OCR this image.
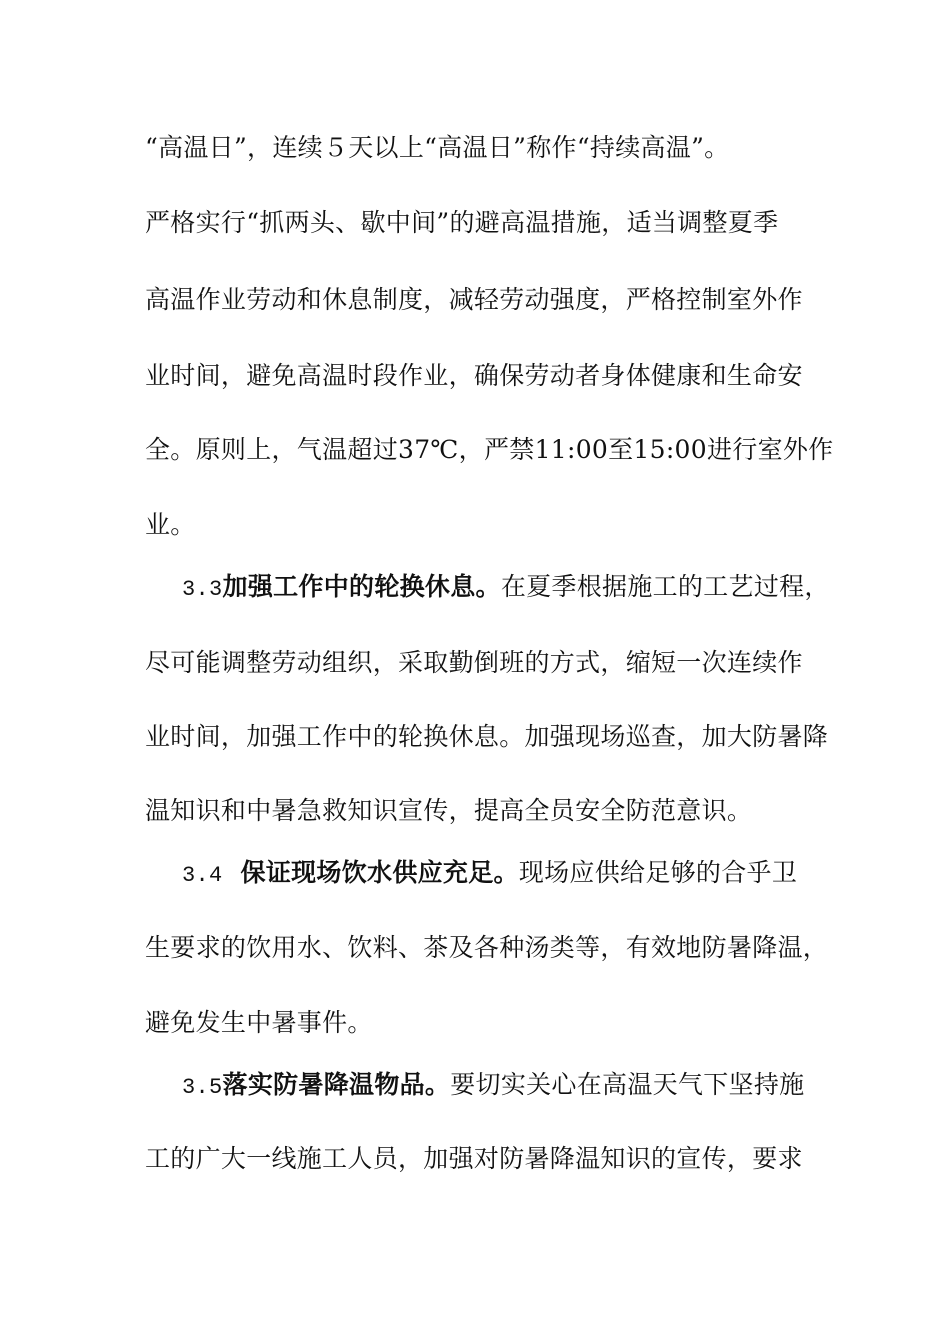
“高温日”，连续５天以上“高温日”称作“持续高温”。
严格实行“抓两头、歇中间”的避高温措施，适当调整夏季
高温作业劳动和休息制度，减轻劳动强度，严格控制室外作
业时间，避免高温时段作业，确保劳动者身体健康和生命安
全。原则上，气温超过37℃，严禁11:00至15:00进行室外作
业。
3.3加强工作中的轮换休息。在夏季根据施工的工艺过程，
尽可能调整劳动组织，采取勤倒班的方式，缩短一次连续作
业时间，加强工作中的轮换休息。加强现场巡查，加大防暑降
温知识和中暑急救知识宣传，提高全员安全防范意识。
3.4 保证现场饮水供应充足。现场应供给足够的合乎卫
生要求的饮用水、饮料、茶及各种汤类等，有效地防暑降温，
避免发生中暑事件。
3.5落实防暑降温物品。要切实关心在高温天气下坚持施
工的广大一线施工人员，加强对防暑降温知识的宣传，要求
